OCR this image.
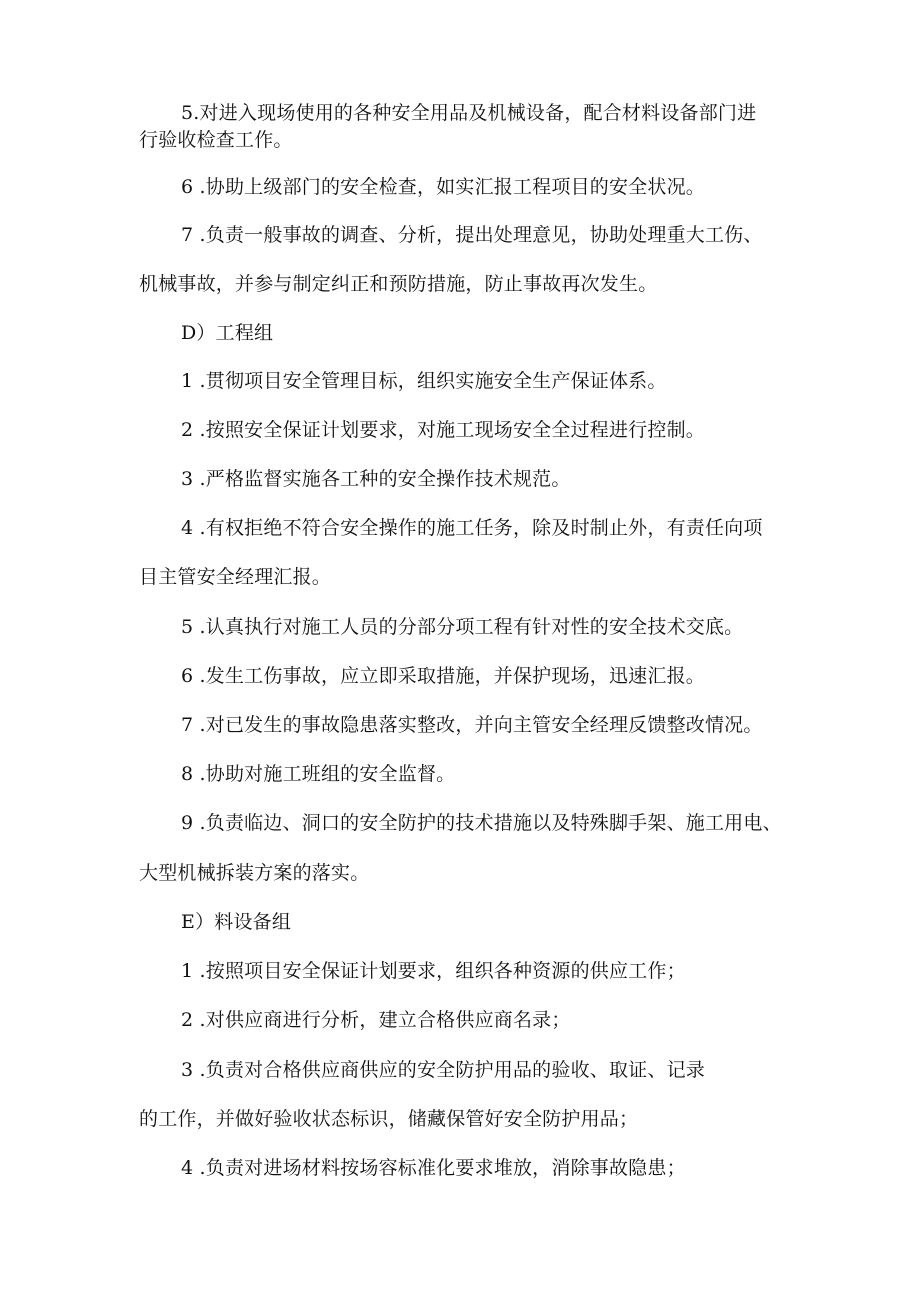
5.对进入现场使用的各种安全用品及机械设备，配合材料设备部门进
行验收检查工作。
6 .协助上级部门的安全检查，如实汇报工程项目的安全状况。
7 .负责一般事故的调查、分析，提出处理意见，协助处理重大工伤、
机械事故，并参与制定纠正和预防措施，防止事故再次发生。
D）工程组
1 .贯彻项目安全管理目标，组织实施安全生产保证体系。
2 .按照安全保证计划要求，对施工现场安全全过程进行控制。
3 .严格监督实施各工种的安全操作技术规范。
4 .有权拒绝不符合安全操作的施工任务，除及时制止外，有责任向项
目主管安全经理汇报。
5 .认真执行对施工人员的分部分项工程有针对性的安全技术交底。
6 .发生工伤事故，应立即采取措施，并保护现场，迅速汇报。
7 .对已发生的事故隐患落实整改，并向主管安全经理反馈整改情况。
8 .协助对施工班组的安全监督。
9 .负责临边、洞口的安全防护的技术措施以及特殊脚手架、施工用电、
大型机械拆装方案的落实。
E）料设备组
1 .按照项目安全保证计划要求，组织各种资源的供应工作；
2 .对供应商进行分析，建立合格供应商名录；
3 .负责对合格供应商供应的安全防护用品的验收、取证、记录
的工作，并做好验收状态标识，储藏保管好安全防护用品；
4 .负责对进场材料按场容标准化要求堆放，消除事故隐患；
